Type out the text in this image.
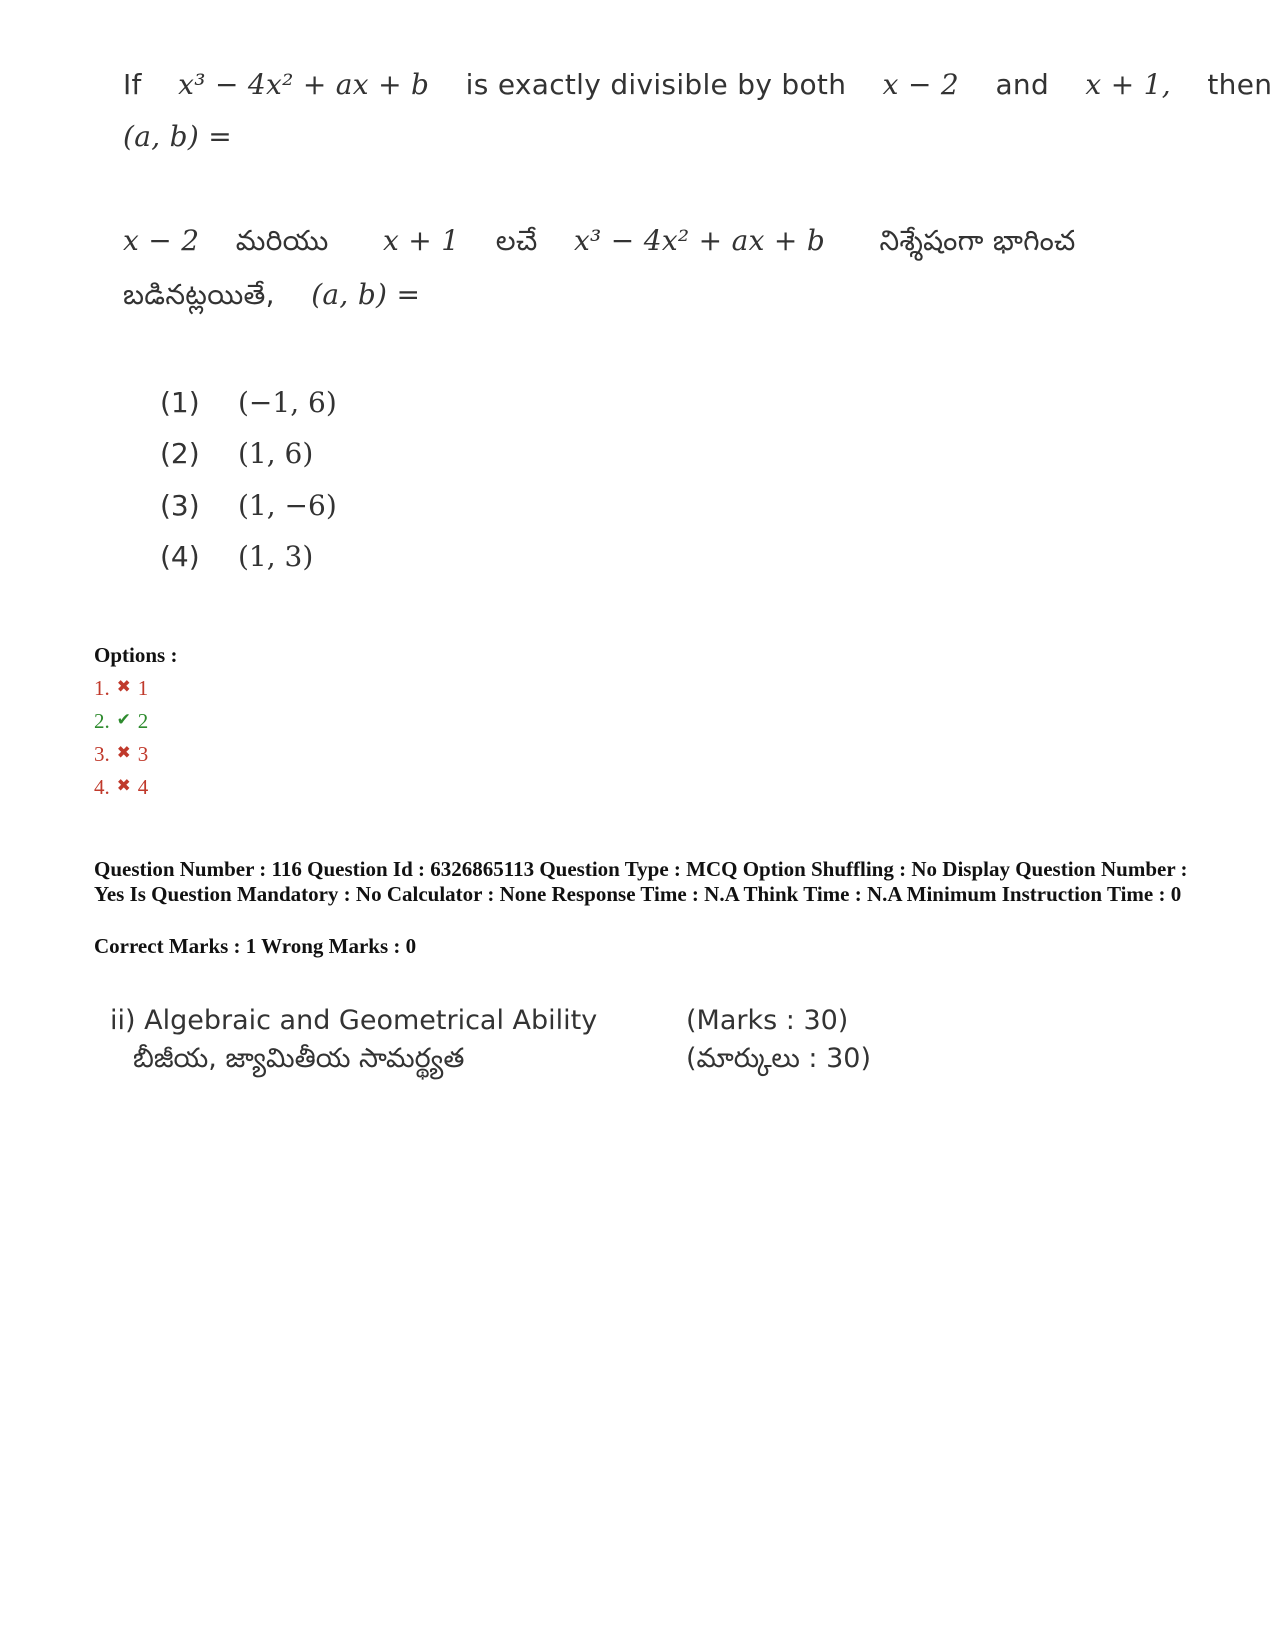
If x³ − 4x² + ax + b is exactly divisible by both x − 2 and x + 1, then
(a, b) =
x − 2 మరియు x + 1 లచే x³ − 4x² + ax + b నిశ్శేషంగా భాగించ
బడినట్లయితే, (a, b) =
(1) (−1, 6)
(2) (1, 6)
(3) (1, −6)
(4) (1, 3)
Options :
1. ✖ 1
2. ✔ 2
3. ✖ 3
4. ✖ 4
Question Number : 116 Question Id : 6326865113 Question Type : MCQ Option Shuffling : No Display Question Number : Yes Is Question Mandatory : No Calculator : None Response Time : N.A Think Time : N.A Minimum Instruction Time : 0
Correct Marks : 1 Wrong Marks : 0
ii) Algebraic and Geometrical Ability
బీజీయ, జ్యామితీయ సామర్థ్యత
(Marks : 30)
(మార్కులు : 30)
